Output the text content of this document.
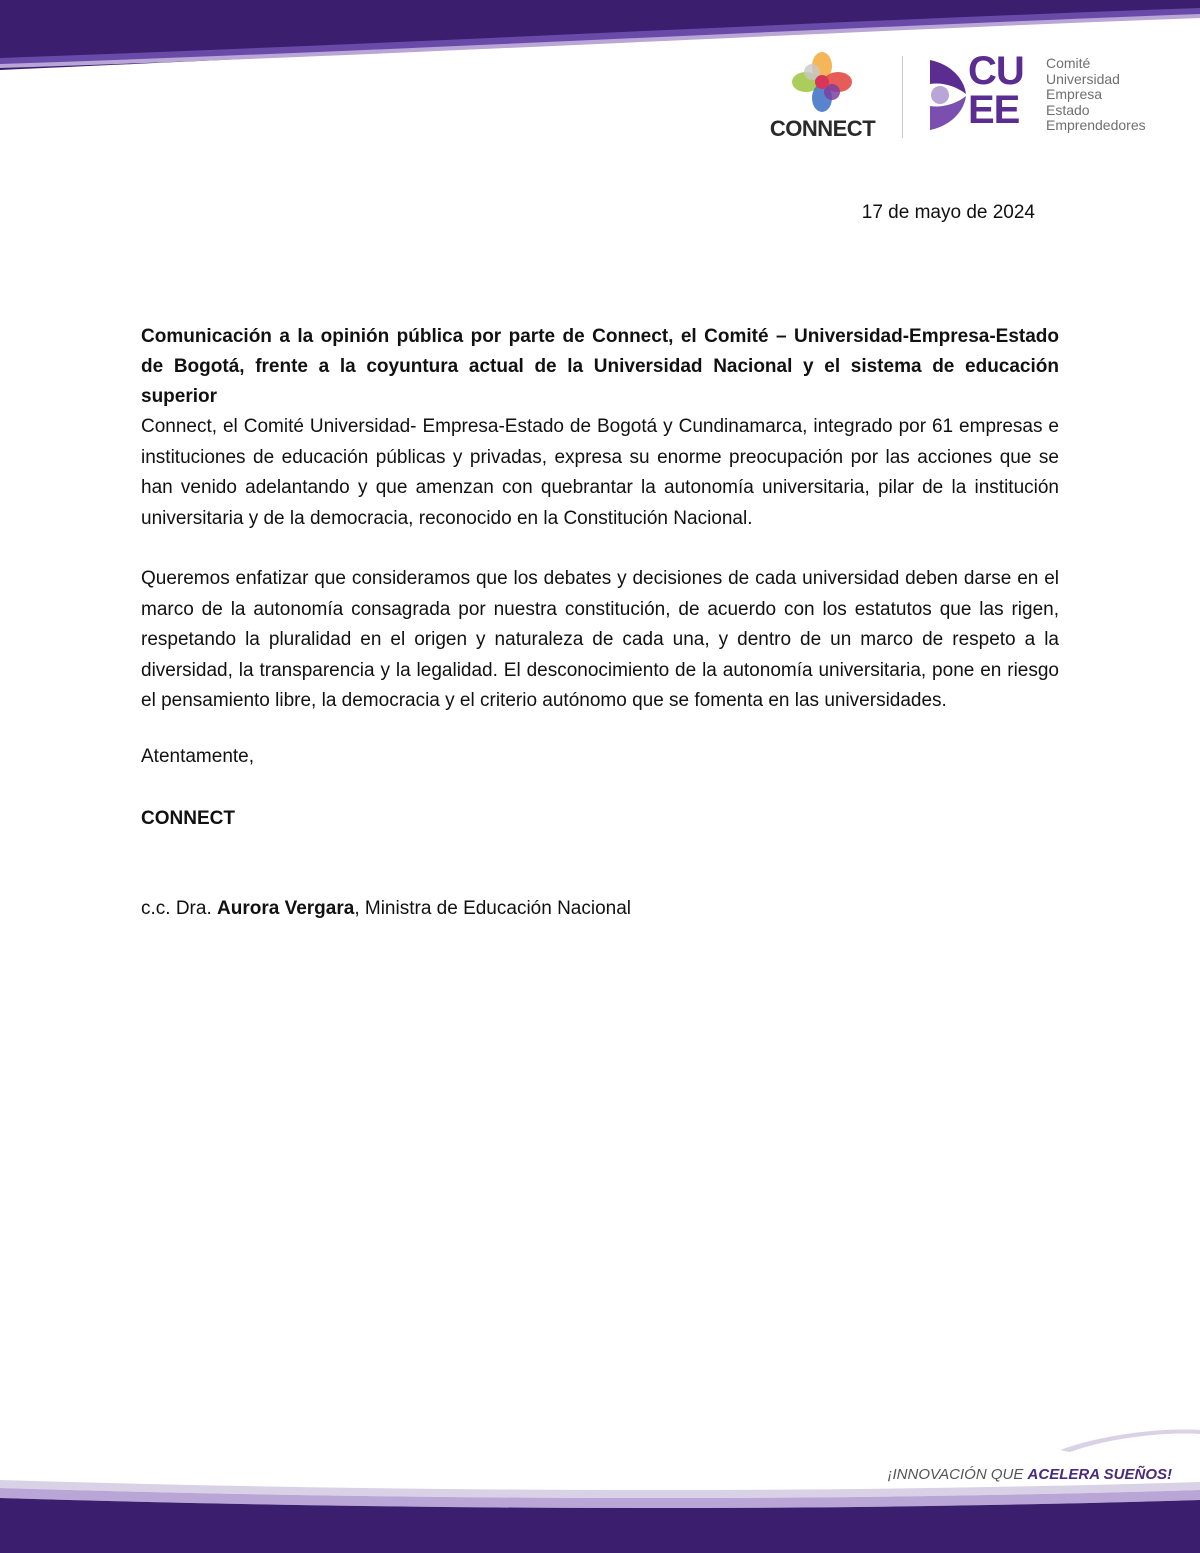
CONNECT
CU
EE
Comité
Universidad
Empresa
Estado
Emprendedores
17 de mayo de 2024

Comunicación a la opinión pública por parte de Connect, el Comité – Universidad-Empresa-Estado de Bogotá, frente a la coyuntura actual de la Universidad Nacional y el sistema de educación superior

Connect, el Comité Universidad- Empresa-Estado de Bogotá y Cundinamarca, integrado por 61 empresas e instituciones de educación públicas y privadas, expresa su enorme preocupación por las acciones que se han venido adelantando y que amenzan con quebrantar la autonomía universitaria, pilar de la institución universitaria y de la democracia, reconocido en la Constitución Nacional.

Queremos enfatizar que consideramos que los debates y decisiones de cada universidad deben darse en el marco de la autonomía consagrada por nuestra constitución, de acuerdo con los estatutos que las rigen, respetando la pluralidad en el origen y naturaleza de cada una, y dentro de un marco de respeto a la diversidad, la transparencia y la legalidad. El desconocimiento de la autonomía universitaria, pone en riesgo el pensamiento libre, la democracia y el criterio autónomo que se fomenta en las universidades.

Atentamente,
CONNECT
c.c. Dra. Aurora Vergara, Ministra de Educación Nacional
¡INNOVACIÓN QUE ACELERA SUEÑOS!
